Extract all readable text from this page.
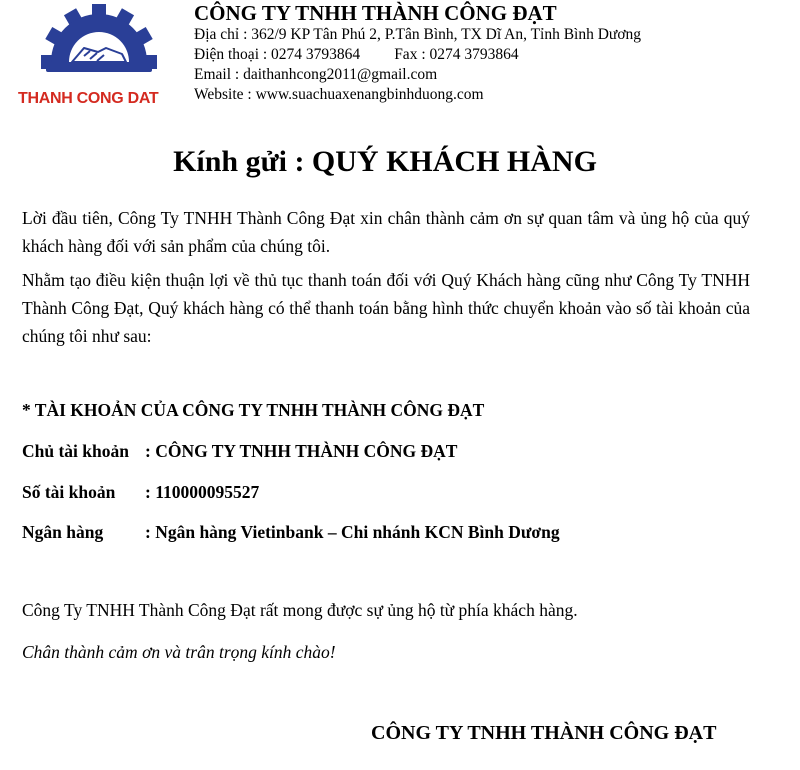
THANH CONG DAT
CÔNG TY TNHH THÀNH CÔNG ĐẠT
Địa chỉ : 362/9 KP Tân Phú 2, P.Tân Bình, TX Dĩ An, Tỉnh Bình Dương
Điện thoại : 0274 3793864 Fax : 0274 3793864
Email : daithanhcong2011@gmail.com
Website : www.suachuaxenangbinhduong.com
Kính gửi : QUÝ KHÁCH HÀNG
Lời đầu tiên, Công Ty TNHH Thành Công Đạt xin chân thành cảm ơn sự quan tâm và ủng hộ của quý khách hàng đối với sản phẩm của chúng tôi.
Nhằm tạo điều kiện thuận lợi về thủ tục thanh toán đối với Quý Khách hàng cũng như Công Ty TNHH Thành Công Đạt, Quý khách hàng có thể thanh toán bằng hình thức chuyển khoản vào số tài khoản của chúng tôi như sau:
* TÀI KHOẢN CỦA CÔNG TY TNHH THÀNH CÔNG ĐẠT
Chủ tài khoản : CÔNG TY TNHH THÀNH CÔNG ĐẠT
Số tài khoản : 110000095527
Ngân hàng : Ngân hàng Vietinbank – Chi nhánh KCN Bình Dương
Công Ty TNHH Thành Công Đạt rất mong được sự ủng hộ từ phía khách hàng.
Chân thành cảm ơn và trân trọng kính chào!
CÔNG TY TNHH THÀNH CÔNG ĐẠT
